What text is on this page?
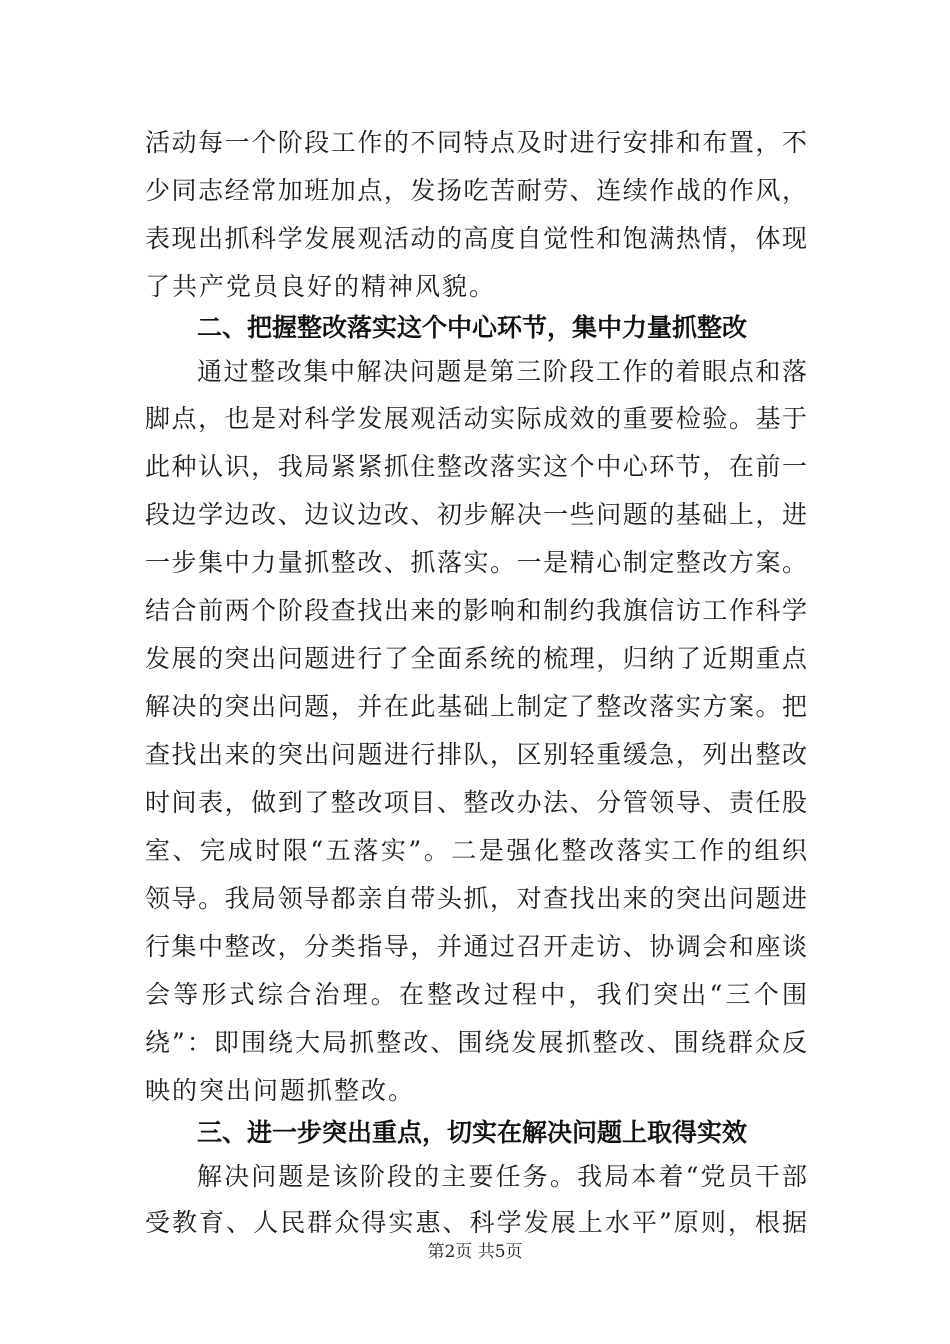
活动每一个阶段工作的不同特点及时进行安排和布置，不
少同志经常加班加点，发扬吃苦耐劳、连续作战的作风，
表现出抓科学发展观活动的高度自觉性和饱满热情，体现
了共产党员良好的精神风貌。
二、把握整改落实这个中心环节，集中力量抓整改
通过整改集中解决问题是第三阶段工作的着眼点和落
脚点，也是对科学发展观活动实际成效的重要检验。基于
此种认识，我局紧紧抓住整改落实这个中心环节，在前一
段边学边改、边议边改、初步解决一些问题的基础上，进
一步集中力量抓整改、抓落实。一是精心制定整改方案。
结合前两个阶段查找出来的影响和制约我旗信访工作科学
发展的突出问题进行了全面系统的梳理，归纳了近期重点
解决的突出问题，并在此基础上制定了整改落实方案。把
查找出来的突出问题进行排队，区别轻重缓急，列出整改
时间表，做到了整改项目、整改办法、分管领导、责任股
室、完成时限“五落实”。二是强化整改落实工作的组织
领导。我局领导都亲自带头抓，对查找出来的突出问题进
行集中整改，分类指导，并通过召开走访、协调会和座谈
会等形式综合治理。在整改过程中，我们突出“三个围
绕”：即围绕大局抓整改、围绕发展抓整改、围绕群众反
映的突出问题抓整改。
三、进一步突出重点，切实在解决问题上取得实效
解决问题是该阶段的主要任务。我局本着“党员干部
受教育、人民群众得实惠、科学发展上水平”原则，根据
第2页 共5页
